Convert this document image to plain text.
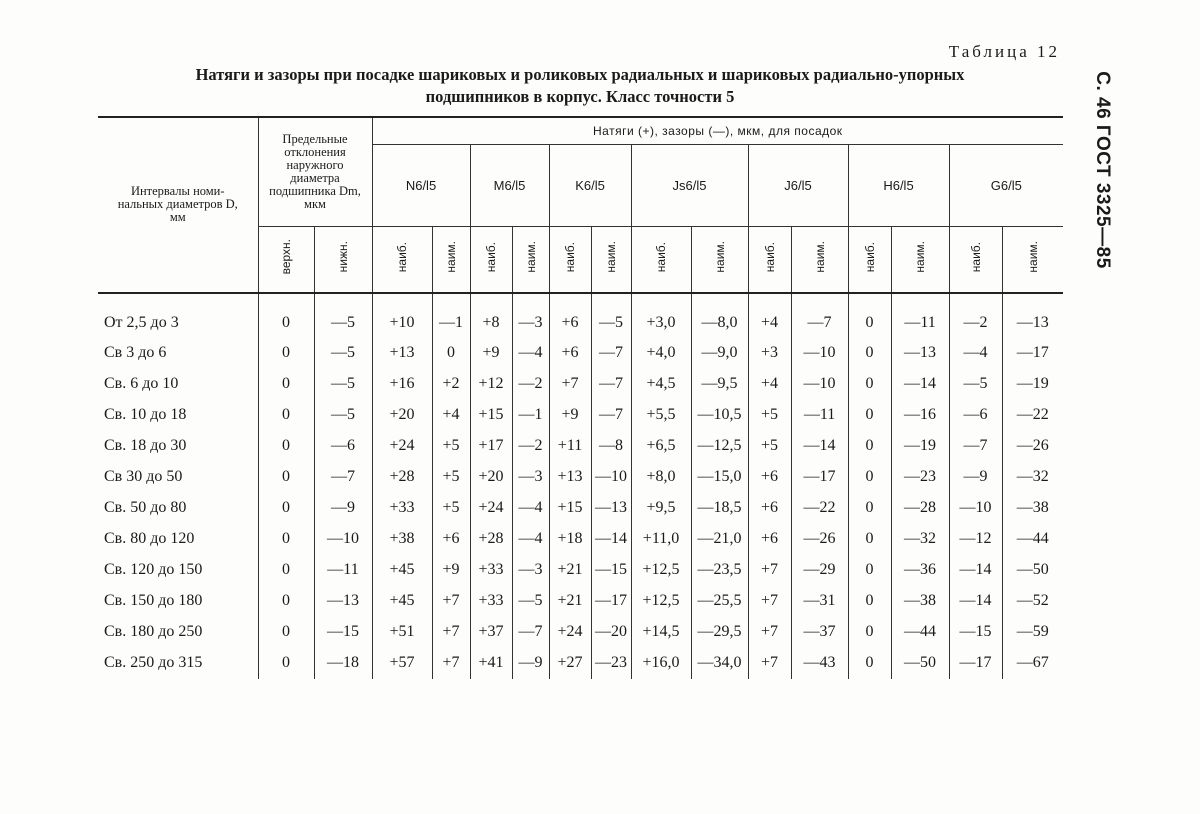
С. 46 ГОСТ 3325—85
Таблица 12
Натяги и зазоры при посадке шариковых и роликовых радиальных и шариковых радиально-упорных
подшипников в корпус. Класс точности 5
Интервалы номи-нальных диаметров D, мм	Предельные отклонения наружного диаметра подшипника Dm, мкм		Натяги (+), зазоры (—), мкм, для посадок													
			N6/l5		M6/l5		K6/l5		Js6/l5		J6/l5		H6/l5		G6/l5	
	верхн.	нижн.	наиб.	наим.	наиб.	наим.	наиб.	наим.	наиб.	наим.	наиб.	наим.	наиб.	наим.	наиб.	наим.
От 2,5 до 3	0	—5	+10	—1	+8	—3	+6	—5	+3,0	—8,0	+4	—7	0	—11	—2	—13
Св 3 до 6	0	—5	+13	0	+9	—4	+6	—7	+4,0	—9,0	+3	—10	0	—13	—4	—17
Св. 6 до 10	0	—5	+16	+2	+12	—2	+7	—7	+4,5	—9,5	+4	—10	0	—14	—5	—19
Св. 10 до 18	0	—5	+20	+4	+15	—1	+9	—7	+5,5	—10,5	+5	—11	0	—16	—6	—22
Св. 18 до 30	0	—6	+24	+5	+17	—2	+11	—8	+6,5	—12,5	+5	—14	0	—19	—7	—26
Св 30 до 50	0	—7	+28	+5	+20	—3	+13	—10	+8,0	—15,0	+6	—17	0	—23	—9	—32
Св. 50 до 80	0	—9	+33	+5	+24	—4	+15	—13	+9,5	—18,5	+6	—22	0	—28	—10	—38
Св. 80 до 120	0	—10	+38	+6	+28	—4	+18	—14	+11,0	—21,0	+6	—26	0	—32	—12	—44
Св. 120 до 150	0	—11	+45	+9	+33	—3	+21	—15	+12,5	—23,5	+7	—29	0	—36	—14	—50
Св. 150 до 180	0	—13	+45	+7	+33	—5	+21	—17	+12,5	—25,5	+7	—31	0	—38	—14	—52
Св. 180 до 250	0	—15	+51	+7	+37	—7	+24	—20	+14,5	—29,5	+7	—37	0	—44	—15	—59
Св. 250 до 315	0	—18	+57	+7	+41	—9	+27	—23	+16,0	—34,0	+7	—43	0	—50	—17	—67
